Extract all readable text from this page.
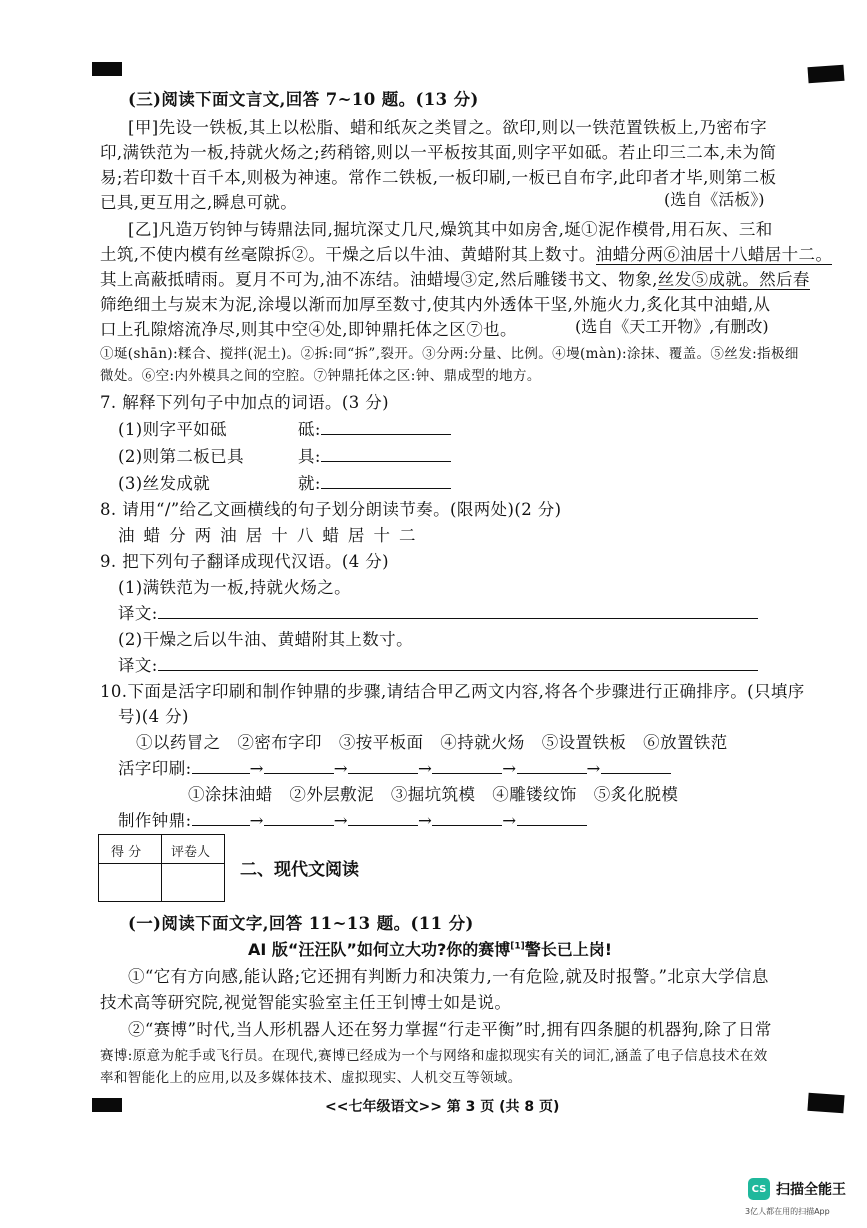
(三)阅读下面文言文,回答 7~10 题。(13 分)
[甲]先设一铁板,其上以松脂、蜡和纸灰之类冒之。欲印,则以一铁范置铁板上,乃密布字
印,满铁范为一板,持就火炀之;药稍镕,则以一平板按其面,则字平如砥。若止印三二本,未为简
易;若印数十百千本,则极为神速。常作二铁板,一板印刷,一板已自布字,此印者才毕,则第二板
已具,更互用之,瞬息可就。	(选自《活板》)
[乙]凡造万钧钟与铸鼎法同,掘坑深丈几尺,燥筑其中如房舍,埏①泥作模骨,用石灰、三和
土筑,不使内模有丝毫隙拆②。干燥之后以牛油、黄蜡附其上数寸。油蜡分两⑥油居十八蜡居十二。
其上高蔽抵晴雨。夏月不可为,油不冻结。油蜡墁③定,然后雕镂书文、物象,丝发⑤成就。然后春
筛绝细土与炭末为泥,涂墁以渐而加厚至数寸,使其内外透体干坚,外施火力,炙化其中油蜡,从
口上孔隙熔流净尽,则其中空④处,即钟鼎托体之区⑦也。	(选自《天工开物》,有删改)
①埏(shān):糅合、搅拌(泥土)。②拆:同“拆”,裂开。③分两:分量、比例。④墁(màn):涂抹、覆盖。⑤丝发:指极细
微处。⑥空:内外模具之间的空腔。⑦钟鼎托体之区:钟、鼎成型的地方。
7. 解释下列句子中加点的词语。(3 分)
(1)则字平如砥	砥:
(2)则第二板已具	具:
(3)丝发成就	就:
8. 请用“/”给乙文画横线的句子划分朗读节奏。(限两处)(2 分)
油 蜡 分 两 油 居 十 八 蜡 居 十 二
9. 把下列句子翻译成现代汉语。(4 分)
(1)满铁范为一板,持就火炀之。
译文:
(2)干燥之后以牛油、黄蜡附其上数寸。
译文:
10.下面是活字印刷和制作钟鼎的步骤,请结合甲乙两文内容,将各个步骤进行正确排序。(只填序
号)(4 分)
①以药冒之   ②密布字印   ③按平板面   ④持就火炀   ⑤设置铁板   ⑥放置铁范
活字印刷:	→	→	→	→	→
①涂抹油蜡   ②外层敷泥   ③掘坑筑模   ④雕镂纹饰   ⑤炙化脱模
制作钟鼎:	→	→	→	→
得 分 评卷人
二、现代文阅读
(一)阅读下面文字,回答 11~13 题。(11 分)
AI 版“汪汪队”如何立大功?你的赛博[1]警长已上岗!
①“它有方向感,能认路;它还拥有判断力和决策力,一有危险,就及时报警。”北京大学信息
技术高等研究院,视觉智能实验室主任王钊博士如是说。
②“赛博”时代,当人形机器人还在努力掌握“行走平衡”时,拥有四条腿的机器狗,除了日常
赛博:原意为舵手或飞行员。在现代,赛博已经成为一个与网络和虚拟现实有关的词汇,涵盖了电子信息技术在效
率和智能化上的应用,以及多媒体技术、虚拟现实、人机交互等领域。
<<七年级语文>> 第 3 页 (共 8 页)
CS 扫描全能王
3亿人都在用的扫描App
